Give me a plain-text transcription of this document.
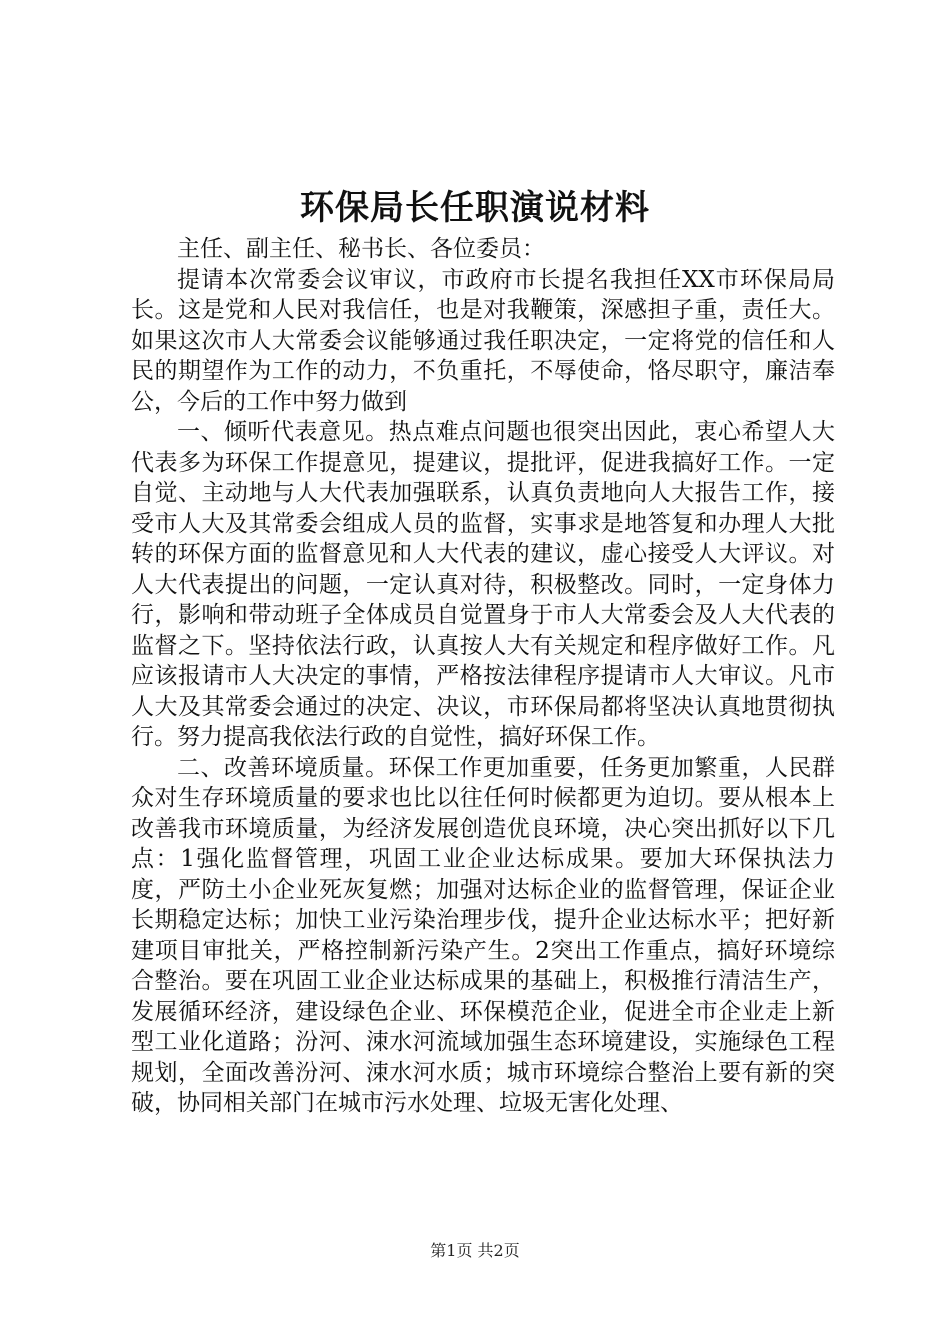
环保局长任职演说材料

主任、副主任、秘书长、各位委员：

提请本次常委会议审议，市政府市长提名我担任XX市环保局局长。这是党和人民对我信任，也是对我鞭策，深感担子重，责任大。如果这次市人大常委会议能够通过我任职决定，一定将党的信任和人民的期望作为工作的动力，不负重托，不辱使命，恪尽职守，廉洁奉公，今后的工作中努力做到

一、倾听代表意见。热点难点问题也很突出因此，衷心希望人大代表多为环保工作提意见，提建议，提批评，促进我搞好工作。一定自觉、主动地与人大代表加强联系，认真负责地向人大报告工作，接受市人大及其常委会组成人员的监督，实事求是地答复和办理人大批转的环保方面的监督意见和人大代表的建议，虚心接受人大评议。对人大代表提出的问题，一定认真对待，积极整改。同时，一定身体力行，影响和带动班子全体成员自觉置身于市人大常委会及人大代表的监督之下。坚持依法行政，认真按人大有关规定和程序做好工作。凡应该报请市人大决定的事情，严格按法律程序提请市人大审议。凡市人大及其常委会通过的决定、决议，市环保局都将坚决认真地贯彻执行。努力提高我依法行政的自觉性，搞好环保工作。

二、改善环境质量。环保工作更加重要，任务更加繁重，人民群众对生存环境质量的要求也比以往任何时候都更为迫切。要从根本上改善我市环境质量，为经济发展创造优良环境，决心突出抓好以下几点：1强化监督管理，巩固工业企业达标成果。要加大环保执法力度，严防土小企业死灰复燃；加强对达标企业的监督管理，保证企业长期稳定达标；加快工业污染治理步伐，提升企业达标水平；把好新建项目审批关，严格控制新污染产生。2突出工作重点，搞好环境综合整治。要在巩固工业企业达标成果的基础上，积极推行清洁生产，发展循环经济，建设绿色企业、环保模范企业，促进全市企业走上新型工业化道路；汾河、涑水河流域加强生态环境建设，实施绿色工程规划，全面改善汾河、涑水河水质；城市环境综合整治上要有新的突破，协同相关部门在城市污水处理、垃圾无害化处理、

第1页 共2页
